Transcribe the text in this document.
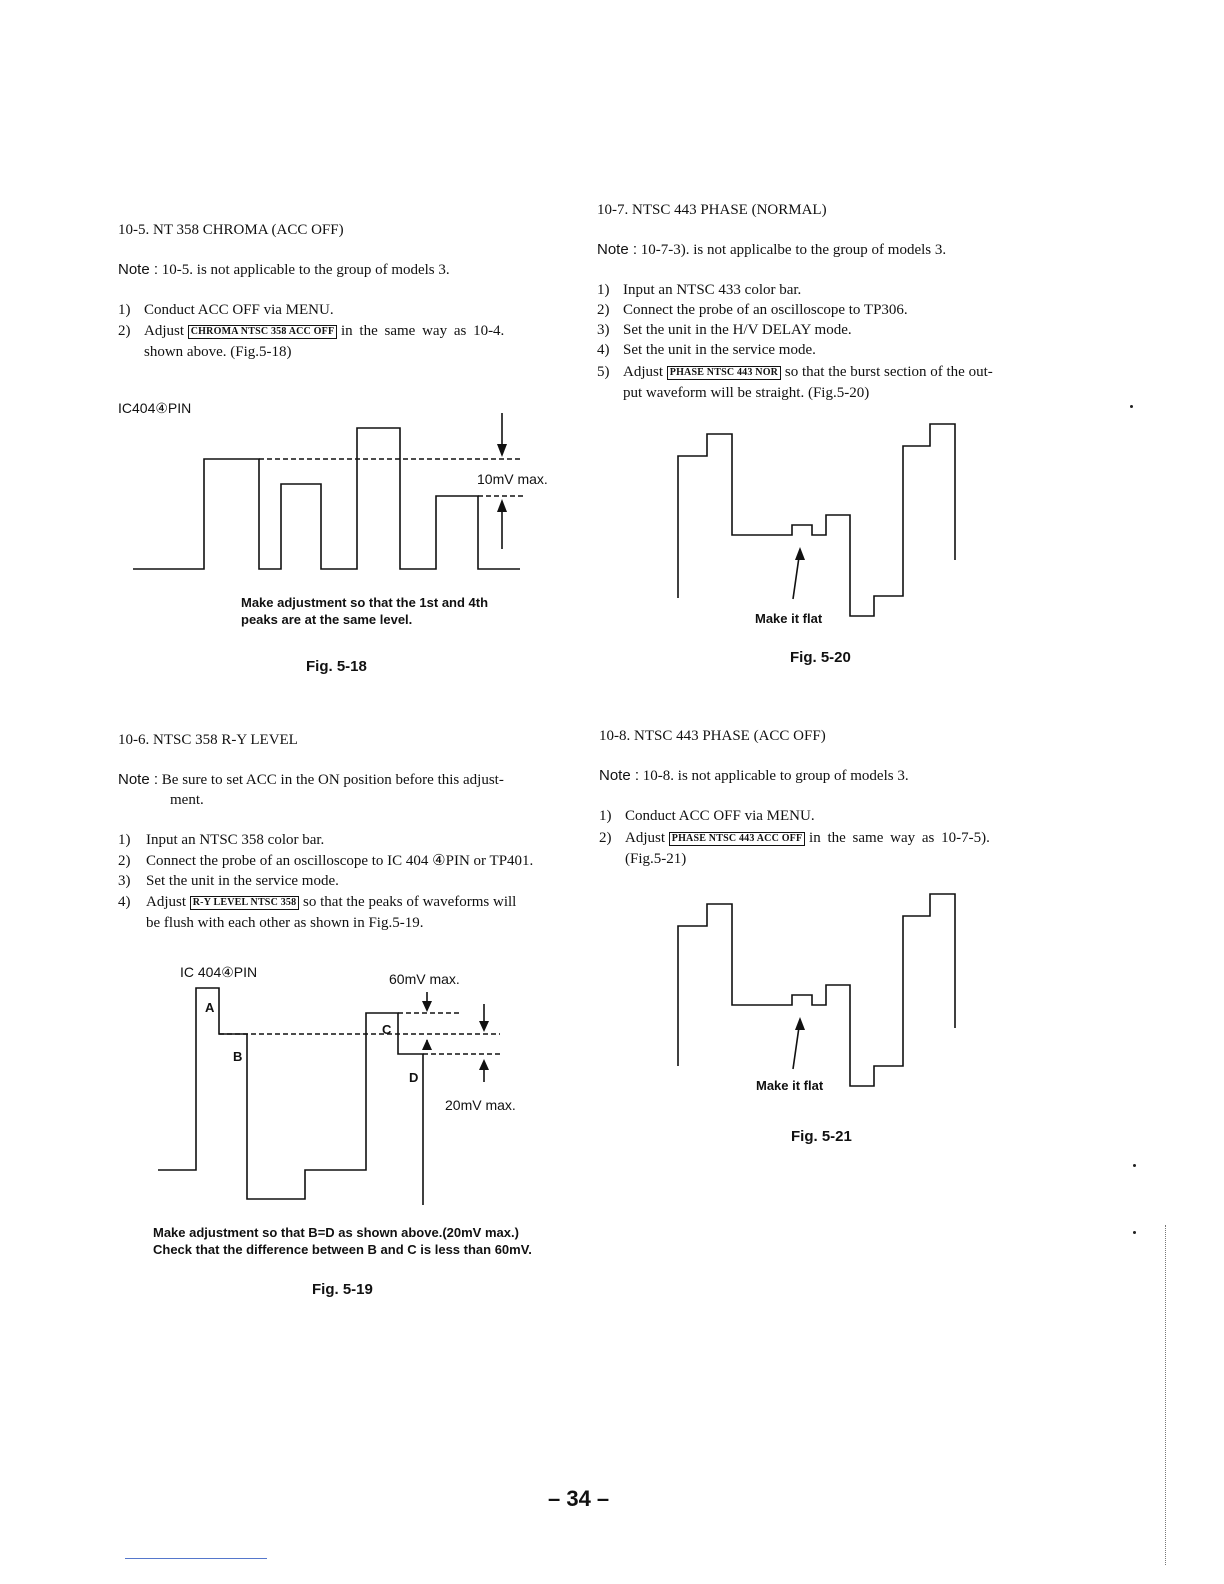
10-5. NT 358 CHROMA (ACC OFF)
Note : 10-5. is not applicable to the group of models 3.
1) Conduct ACC OFF via MENU.
2) Adjust CHROMA NTSC 358 ACC OFF in the same way as 10-4.
shown above. (Fig.5-18)
IC404④PIN
10mV max.
Make adjustment so that the 1st and 4th
peaks are at the same level.
Fig. 5-18
10-6. NTSC 358 R-Y LEVEL
Note : Be sure to set ACC in the ON position before this adjust-
ment.
1) Input an NTSC 358 color bar.
2) Connect the probe of an oscilloscope to IC 404 ④PIN or TP401.
3) Set the unit in the service mode.
4) Adjust R-Y LEVEL NTSC 358 so that the peaks of waveforms will
be flush with each other as shown in Fig.5-19.
IC 404④PIN	60mV max.
20mV max.
A
B
C
D
Make adjustment so that B=D as shown above.(20mV max.)
Check that the difference between B and C is less than 60mV.
Fig. 5-19
10-7. NTSC 443 PHASE (NORMAL)
Note : 10-7-3). is not applicalbe to the group of models 3.
1) Input an NTSC 433 color bar.
2) Connect the probe of an oscilloscope to TP306.
3) Set the unit in the H/V DELAY mode.
4) Set the unit in the service mode.
5) Adjust PHASE NTSC 443 NOR so that the burst section of the out-
put waveform will be straight. (Fig.5-20)
Make it flat
Fig. 5-20
10-8. NTSC 443 PHASE (ACC OFF)
Note : 10-8. is not applicable to group of models 3.
1) Conduct ACC OFF via MENU.
2) Adjust PHASE NTSC 443 ACC OFF in the same way as 10-7-5).
(Fig.5-21)
Make it flat
Fig. 5-21
– 34 –
